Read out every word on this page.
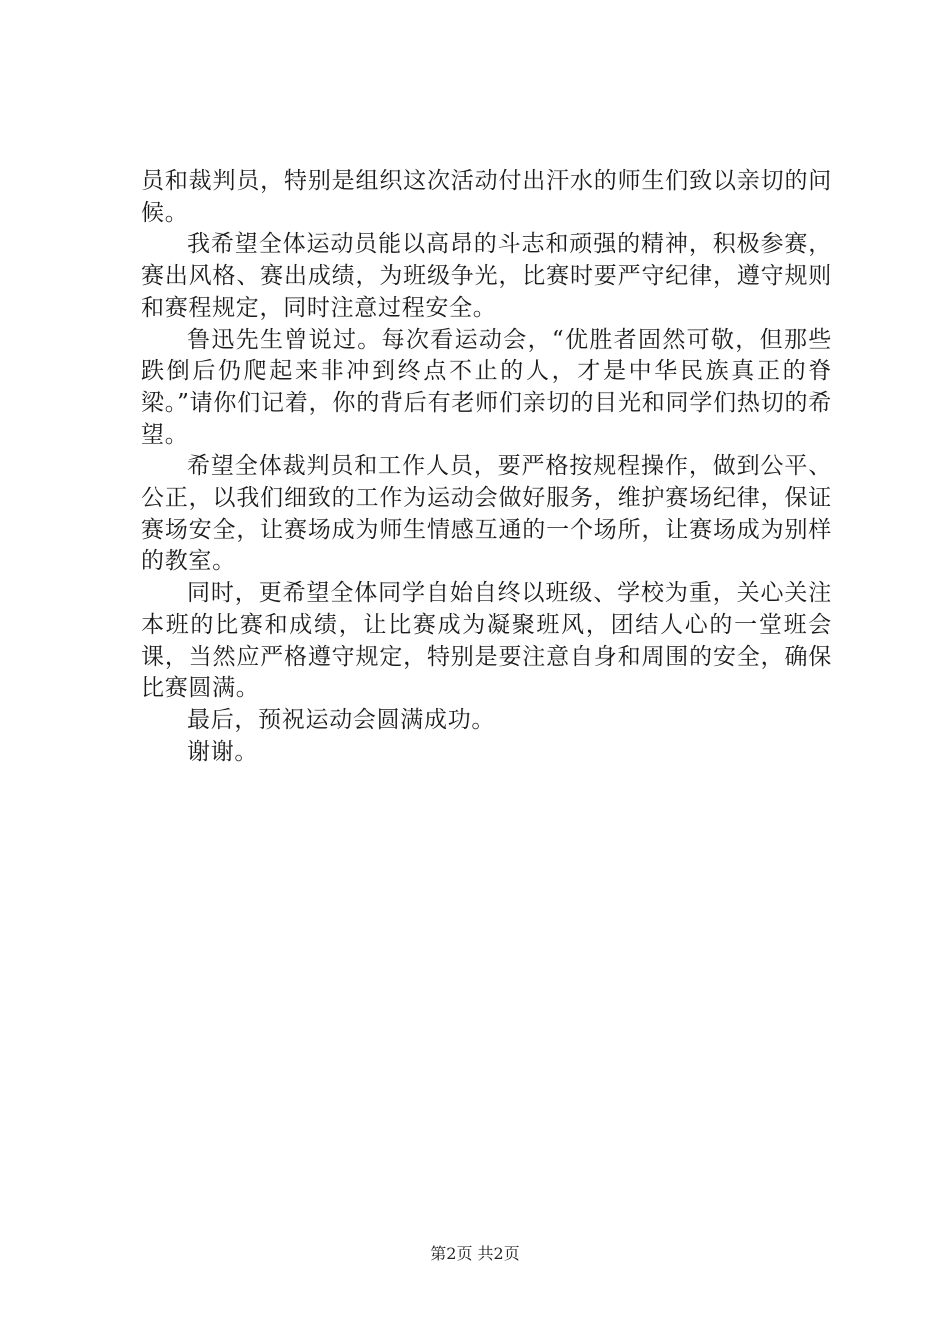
员和裁判员，特别是组织这次活动付出汗水的师生们致以亲切的问候。

我希望全体运动员能以高昂的斗志和顽强的精神，积极参赛，赛出风格、赛出成绩，为班级争光，比赛时要严守纪律，遵守规则和赛程规定，同时注意过程安全。

鲁迅先生曾说过。每次看运动会，“优胜者固然可敬，但那些跌倒后仍爬起来非冲到终点不止的人，才是中华民族真正的脊梁。”请你们记着，你的背后有老师们亲切的目光和同学们热切的希望。

希望全体裁判员和工作人员，要严格按规程操作，做到公平、公正，以我们细致的工作为运动会做好服务，维护赛场纪律，保证赛场安全，让赛场成为师生情感互通的一个场所，让赛场成为别样的教室。

同时，更希望全体同学自始自终以班级、学校为重，关心关注本班的比赛和成绩，让比赛成为凝聚班风，团结人心的一堂班会课，当然应严格遵守规定，特别是要注意自身和周围的安全，确保比赛圆满。

最后，预祝运动会圆满成功。

谢谢。

第2页 共2页
